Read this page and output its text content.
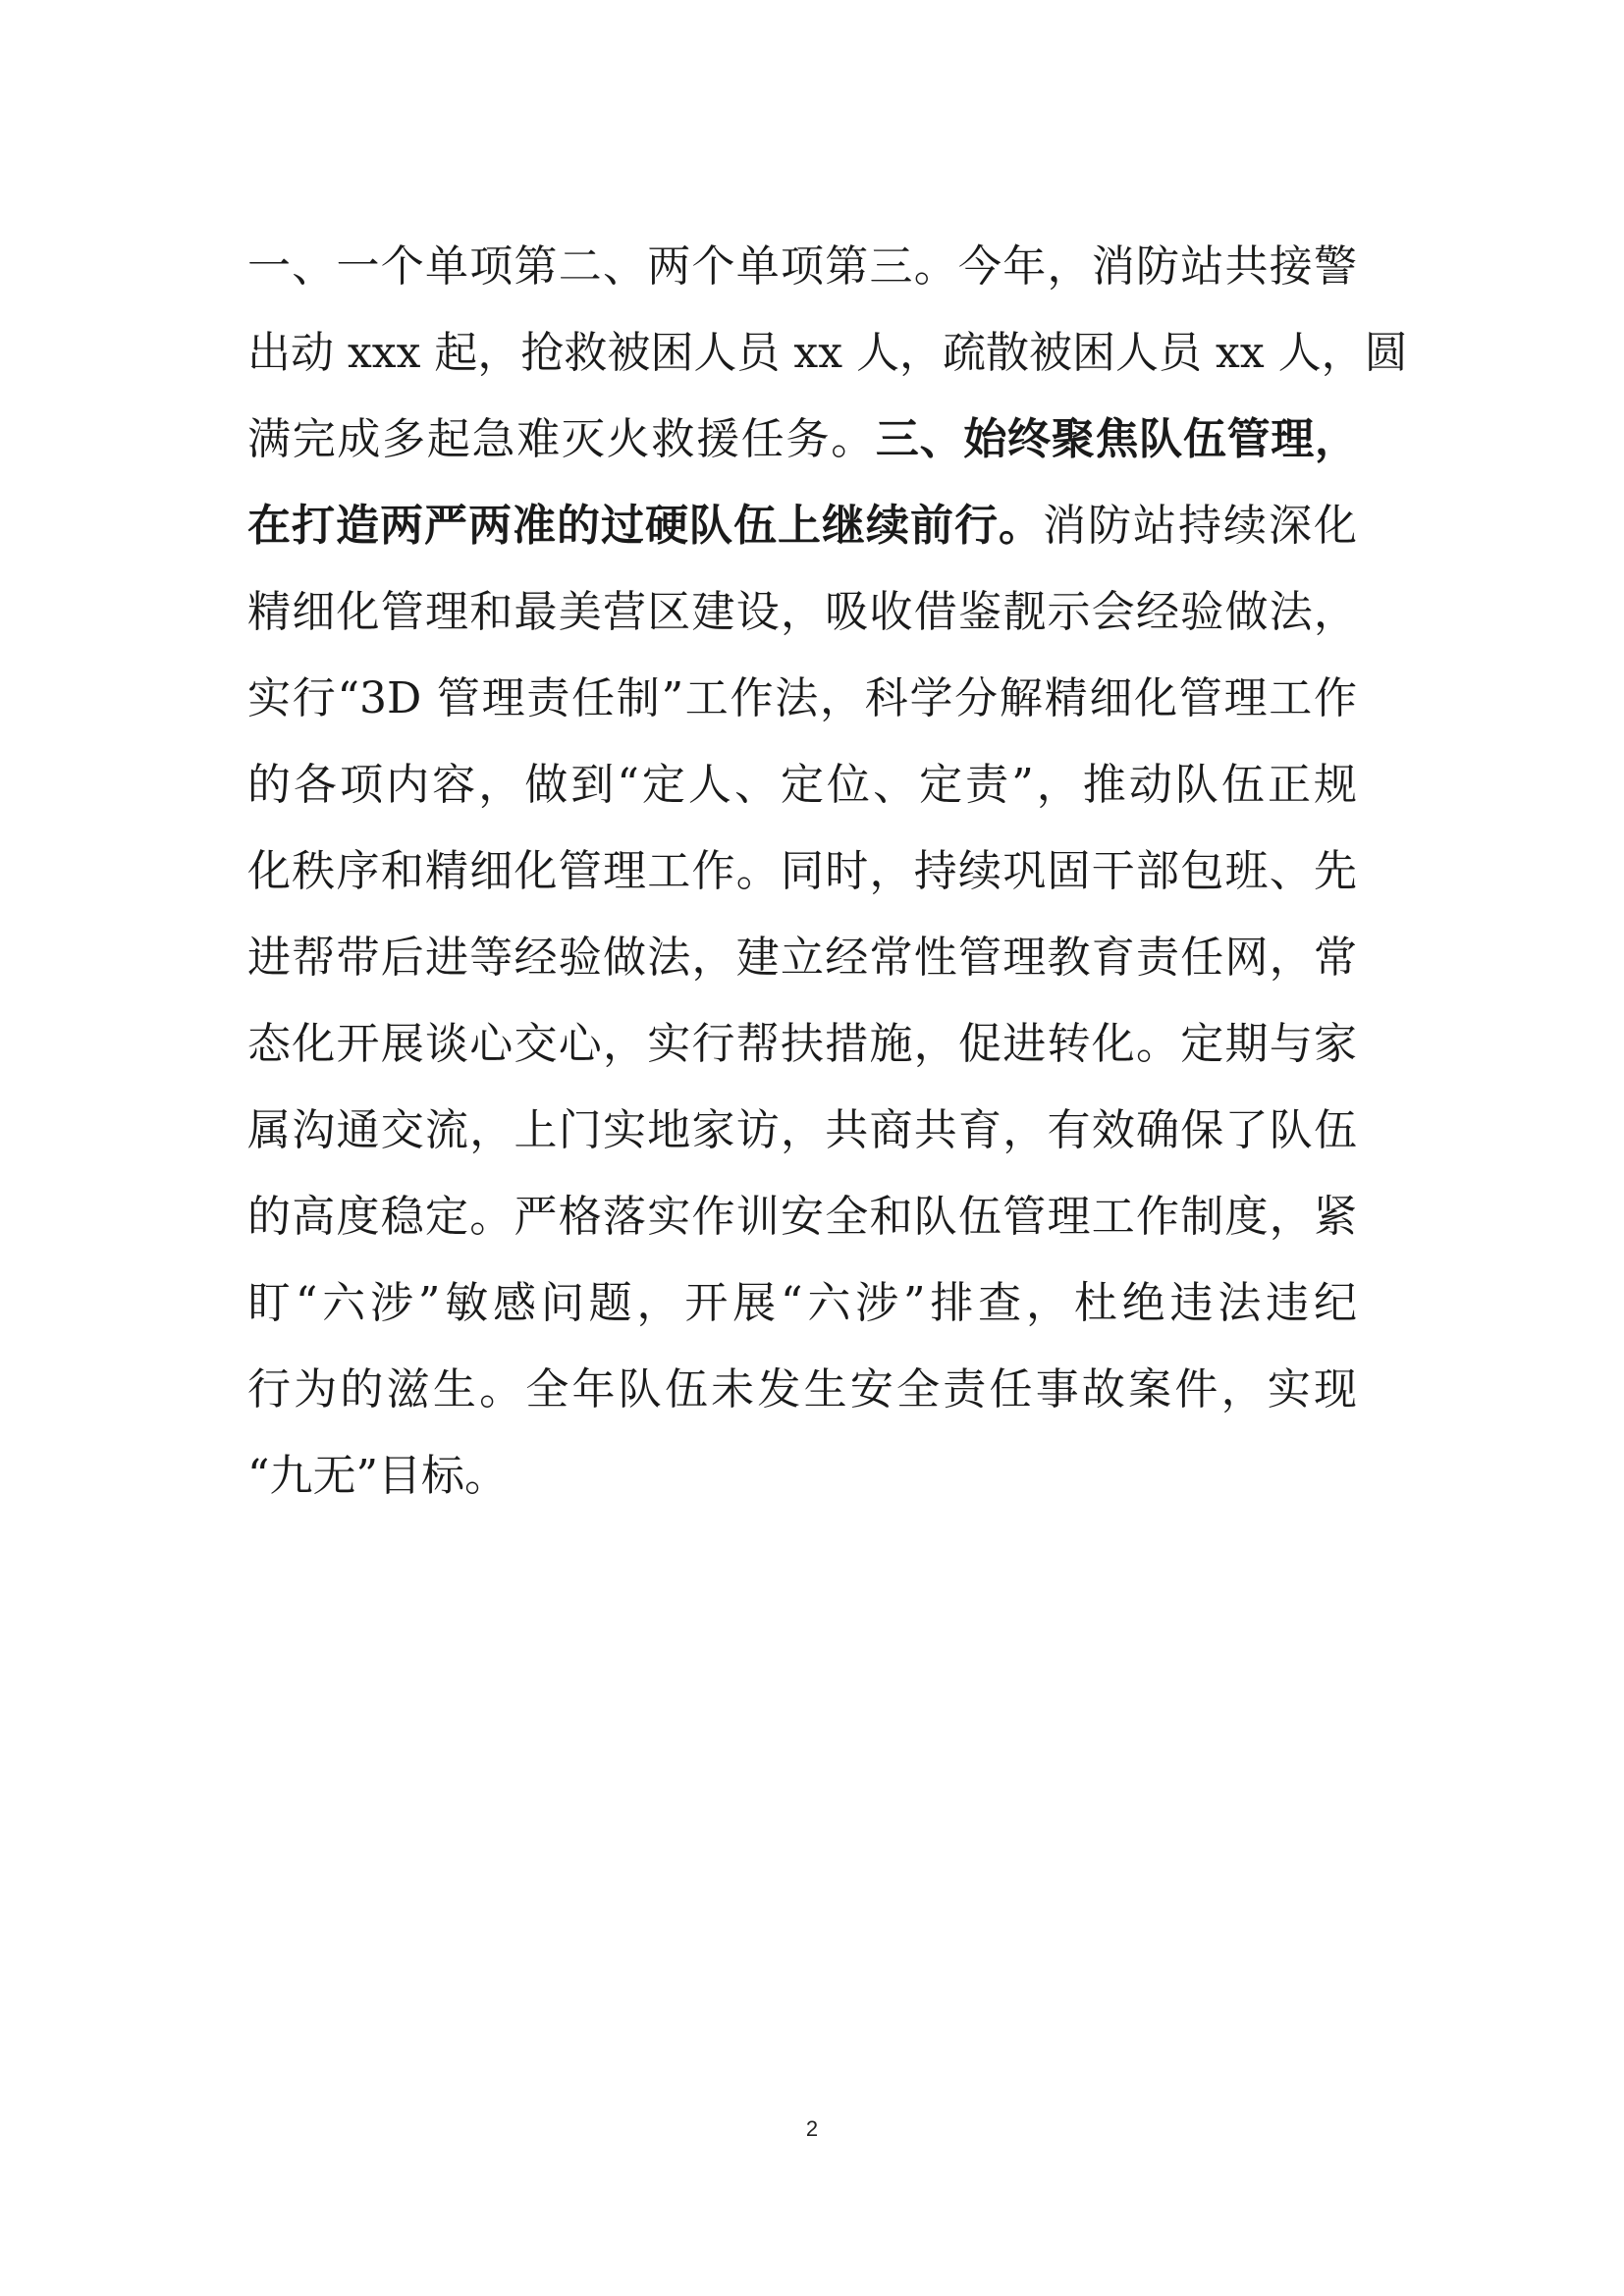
一、一个单项第二、两个单项第三。今年，消防站共接警
出动 xxx 起，抢救被困人员 xx 人，疏散被困人员 xx 人，圆
满完成多起急难灭火救援任务。三、始终聚焦队伍管理，
在打造两严两准的过硬队伍上继续前行。消防站持续深化
精细化管理和最美营区建设，吸收借鉴靓示会经验做法，
实行“3D 管理责任制”工作法，科学分解精细化管理工作
的各项内容，做到“定人、定位、定责”，推动队伍正规
化秩序和精细化管理工作。同时，持续巩固干部包班、先
进帮带后进等经验做法，建立经常性管理教育责任网，常
态化开展谈心交心，实行帮扶措施，促进转化。定期与家
属沟通交流，上门实地家访，共商共育，有效确保了队伍
的高度稳定。严格落实作训安全和队伍管理工作制度，紧
盯“六涉”敏感问题，开展“六涉”排查，杜绝违法违纪
行为的滋生。全年队伍未发生安全责任事故案件，实现
“九无”目标。
2
